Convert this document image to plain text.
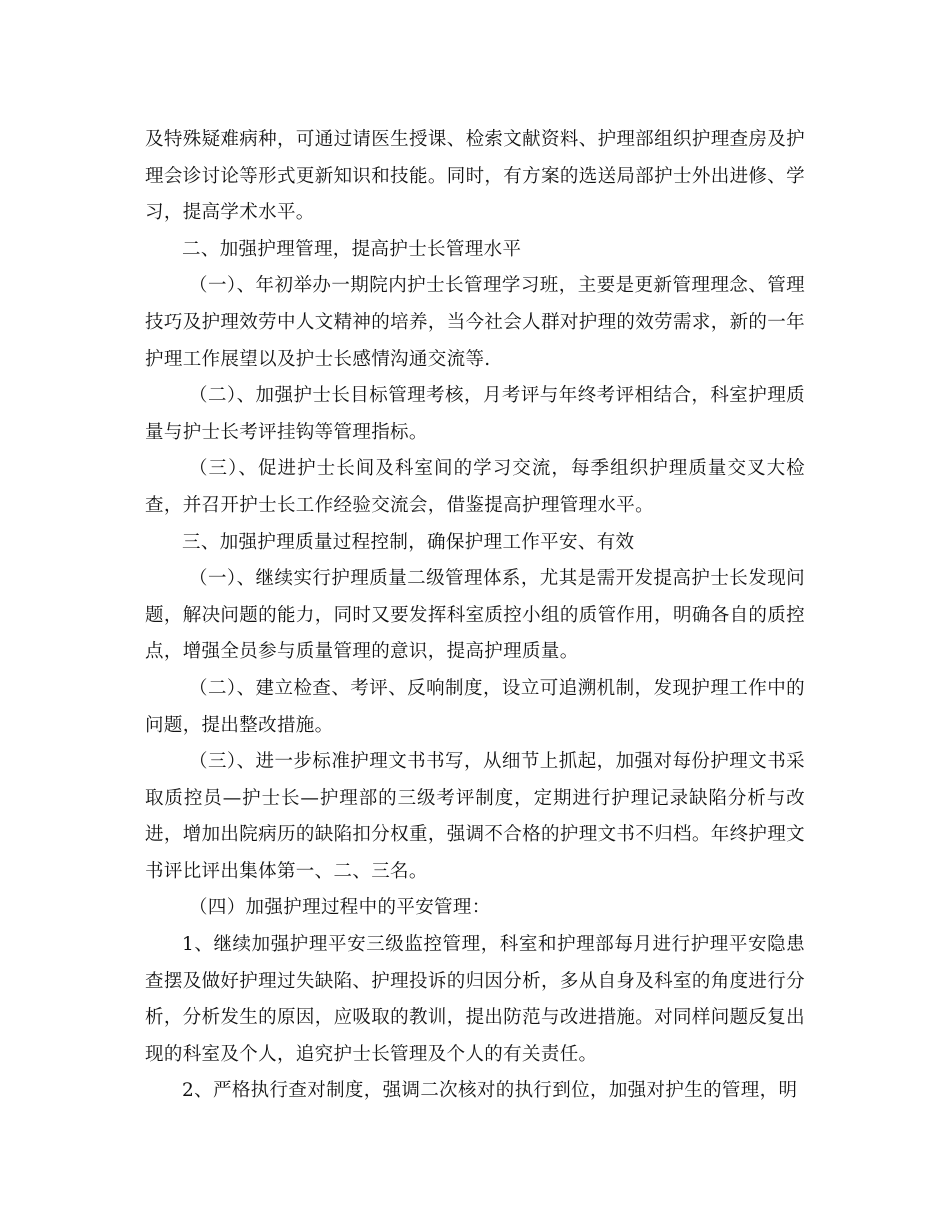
及特殊疑难病种，可通过请医生授课、检索文献资料、护理部组织护理查房及护理会诊讨论等形式更新知识和技能。同时，有方案的选送局部护士外出进修、学习，提高学术水平。

二、加强护理管理，提高护士长管理水平

（一）、年初举办一期院内护士长管理学习班，主要是更新管理理念、管理技巧及护理效劳中人文精神的培养，当今社会人群对护理的效劳需求，新的一年护理工作展望以及护士长感情沟通交流等.

（二）、加强护士长目标管理考核，月考评与年终考评相结合，科室护理质量与护士长考评挂钩等管理指标。

（三）、促进护士长间及科室间的学习交流，每季组织护理质量交叉大检查，并召开护士长工作经验交流会，借鉴提高护理管理水平。

三、加强护理质量过程控制，确保护理工作平安、有效

（一）、继续实行护理质量二级管理体系，尤其是需开发提高护士长发现问题，解决问题的能力，同时又要发挥科室质控小组的质管作用，明确各自的质控点，增强全员参与质量管理的意识，提高护理质量。

（二）、建立检查、考评、反响制度，设立可追溯机制，发现护理工作中的问题，提出整改措施。

（三）、进一步标准护理文书书写，从细节上抓起，加强对每份护理文书采取质控员—护士长—护理部的三级考评制度，定期进行护理记录缺陷分析与改进，增加出院病历的缺陷扣分权重，强调不合格的护理文书不归档。年终护理文书评比评出集体第一、二、三名。

（四）加强护理过程中的平安管理：

1、继续加强护理平安三级监控管理，科室和护理部每月进行护理平安隐患查摆及做好护理过失缺陷、护理投诉的归因分析，多从自身及科室的角度进行分析，分析发生的原因，应吸取的教训，提出防范与改进措施。对同样问题反复出现的科室及个人，追究护士长管理及个人的有关责任。

2、严格执行查对制度，强调二次核对的执行到位，加强对护生的管理，明
